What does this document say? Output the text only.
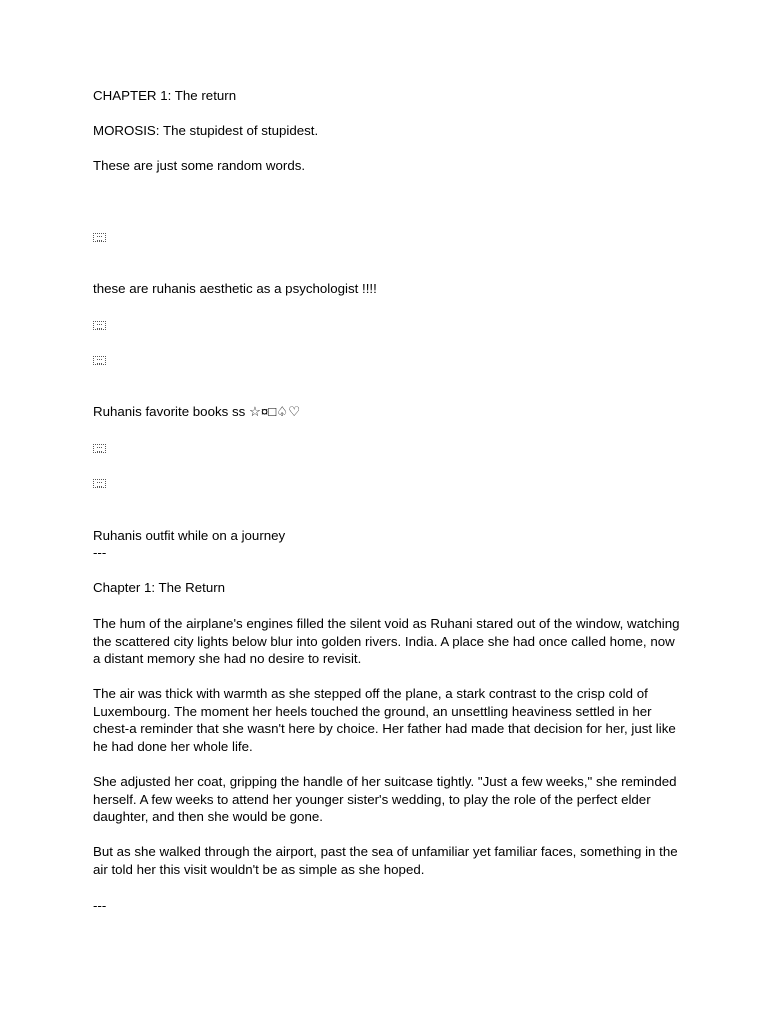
CHAPTER 1: The return
MOROSIS: The stupidest of stupidest.
These are just some random words.
these are ruhanis aesthetic as a psychologist !!!!
Ruhanis favorite books ss ☆¤□♤♡
Ruhanis outfit while on a journey
---
Chapter 1: The Return
The hum of the airplane's engines filled the silent void as Ruhani stared out of the window, watching the scattered city lights below blur into golden rivers. India. A place she had once called home, now a distant memory she had no desire to revisit.
The air was thick with warmth as she stepped off the plane, a stark contrast to the crisp cold of Luxembourg. The moment her heels touched the ground, an unsettling heaviness settled in her chest-a reminder that she wasn't here by choice. Her father had made that decision for her, just like he had done her whole life.
She adjusted her coat, gripping the handle of her suitcase tightly. "Just a few weeks," she reminded herself. A few weeks to attend her younger sister's wedding, to play the role of the perfect elder daughter, and then she would be gone.
But as she walked through the airport, past the sea of unfamiliar yet familiar faces, something in the air told her this visit wouldn't be as simple as she hoped.
---
